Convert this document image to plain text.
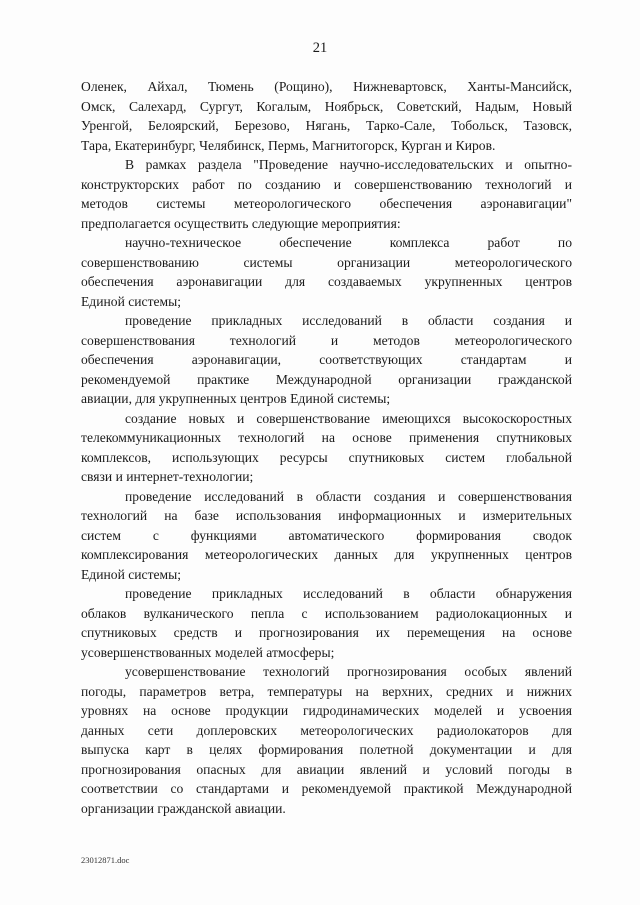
21
Оленек, Айхал, Тюмень (Рощино), Нижневартовск, Ханты-Мансийск,
Омск, Салехард, Сургут, Когалым, Ноябрьск, Советский, Надым, Новый
Уренгой, Белоярский, Березово, Нягань, Тарко-Сале, Тобольск, Тазовск,
Тара, Екатеринбург, Челябинск, Пермь, Магнитогорск, Курган и Киров.
В рамках раздела "Проведение научно-исследовательских и опытно-
конструкторских работ по созданию и совершенствованию технологий и
методов системы метеорологического обеспечения аэронавигации"
предполагается осуществить следующие мероприятия:
научно-техническое обеспечение комплекса работ по
совершенствованию системы организации метеорологического
обеспечения аэронавигации для создаваемых укрупненных центров
Единой системы;
проведение прикладных исследований в области создания и
совершенствования технологий и методов метеорологического
обеспечения аэронавигации, соответствующих стандартам и
рекомендуемой практике Международной организации гражданской
авиации, для укрупненных центров Единой системы;
создание новых и совершенствование имеющихся высокоскоростных
телекоммуникационных технологий на основе применения спутниковых
комплексов, использующих ресурсы спутниковых систем глобальной
связи и интернет-технологии;
проведение исследований в области создания и совершенствования
технологий на базе использования информационных и измерительных
систем с функциями автоматического формирования сводок
комплексирования метеорологических данных для укрупненных центров
Единой системы;
проведение прикладных исследований в области обнаружения
облаков вулканического пепла с использованием радиолокационных и
спутниковых средств и прогнозирования их перемещения на основе
усовершенствованных моделей атмосферы;
усовершенствование технологий прогнозирования особых явлений
погоды, параметров ветра, температуры на верхних, средних и нижних
уровнях на основе продукции гидродинамических моделей и усвоения
данных сети доплеровских метеорологических радиолокаторов для
выпуска карт в целях формирования полетной документации и для
прогнозирования опасных для авиации явлений и условий погоды в
соответствии со стандартами и рекомендуемой практикой Международной
организации гражданской авиации.
23012871.doc
